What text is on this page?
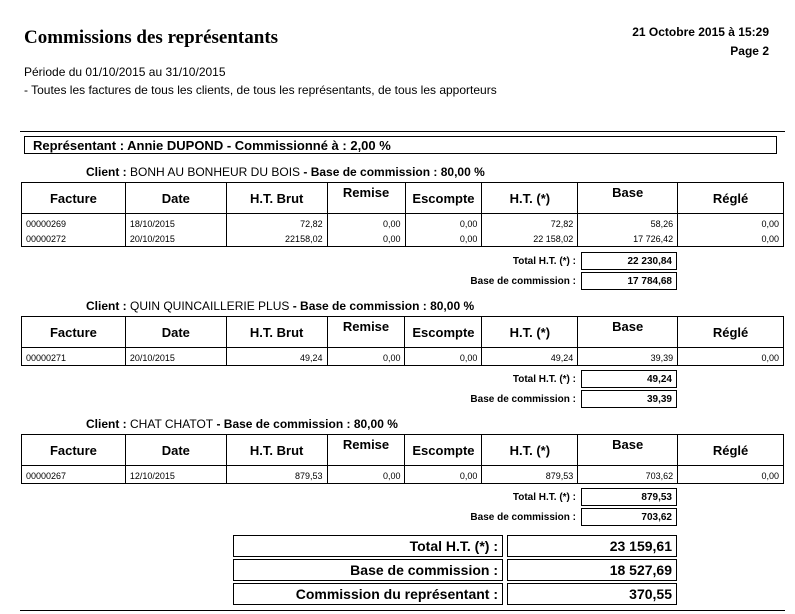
Commissions des représentants	21 Octobre 2015 à 15:29
Page 2
Période du 01/10/2015 au 31/10/2015
- Toutes les factures de tous les clients, de tous les représentants, de tous les apporteurs
Représentant : Annie DUPOND - Commissionné à : 2,00 %
Client : BONH AU BONHEUR DU BOIS - Base de commission : 80,00 %
Facture	Date	H.T. Brut	Remise	Escompte	H.T. (*)	Base	Réglé
00000269	18/10/2015	72,82	0,00	0,00	72,82	58,26	0,00
00000272	20/10/2015	22158,02	0,00	0,00	22 158,02	17 726,42	0,00
Total H.T. (*) :	22 230,84
Base de commission :	17 784,68
Client : QUIN QUINCAILLERIE PLUS - Base de commission : 80,00 %
Facture	Date	H.T. Brut	Remise	Escompte	H.T. (*)	Base	Réglé
00000271	20/10/2015	49,24	0,00	0,00	49,24	39,39	0,00
Total H.T. (*) :	49,24
Base de commission :	39,39
Client : CHAT CHATOT - Base de commission : 80,00 %
Facture	Date	H.T. Brut	Remise	Escompte	H.T. (*)	Base	Réglé
00000267	12/10/2015	879,53	0,00	0,00	879,53	703,62	0,00
Total H.T. (*) :	879,53
Base de commission :	703,62
Total H.T. (*) :	23 159,61
Base de commission :	18 527,69
Commission du représentant :	370,55
